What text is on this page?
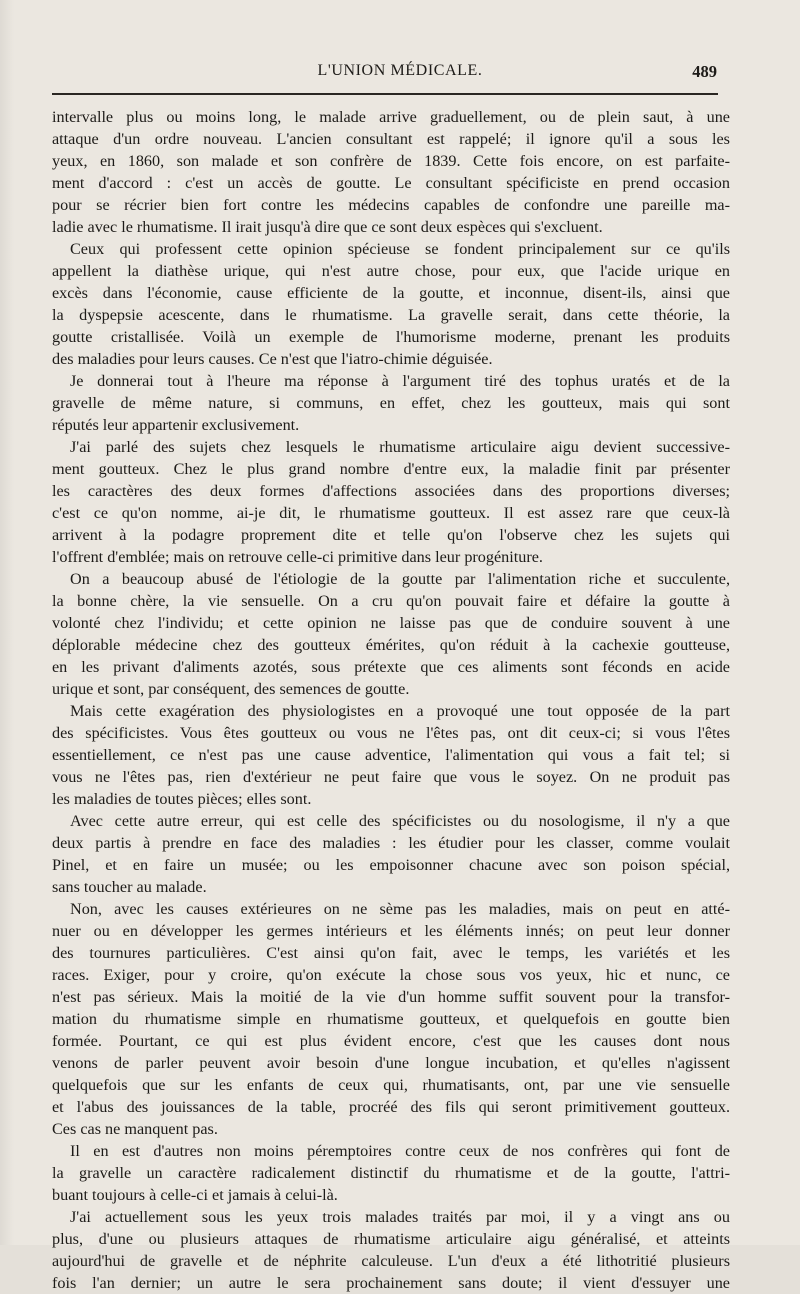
L'UNION MÉDICALE.	489
intervalle plus ou moins long, le malade arrive graduellement, ou de plein saut, à une
attaque d'un ordre nouveau. L'ancien consultant est rappelé; il ignore qu'il a sous les
yeux, en 1860, son malade et son confrère de 1839. Cette fois encore, on est parfaite-
ment d'accord : c'est un accès de goutte. Le consultant spécificiste en prend occasion
pour se récrier bien fort contre les médecins capables de confondre une pareille ma-
ladie avec le rhumatisme. Il irait jusqu'à dire que ce sont deux espèces qui s'excluent.
Ceux qui professent cette opinion spécieuse se fondent principalement sur ce qu'ils
appellent la diathèse urique, qui n'est autre chose, pour eux, que l'acide urique en
excès dans l'économie, cause efficiente de la goutte, et inconnue, disent-ils, ainsi que
la dyspepsie acescente, dans le rhumatisme. La gravelle serait, dans cette théorie, la
goutte cristallisée. Voilà un exemple de l'humorisme moderne, prenant les produits
des maladies pour leurs causes. Ce n'est que l'iatro-chimie déguisée.
Je donnerai tout à l'heure ma réponse à l'argument tiré des tophus uratés et de la
gravelle de même nature, si communs, en effet, chez les goutteux, mais qui sont
réputés leur appartenir exclusivement.
J'ai parlé des sujets chez lesquels le rhumatisme articulaire aigu devient successive-
ment goutteux. Chez le plus grand nombre d'entre eux, la maladie finit par présenter
les caractères des deux formes d'affections associées dans des proportions diverses;
c'est ce qu'on nomme, ai-je dit, le rhumatisme goutteux. Il est assez rare que ceux-là
arrivent à la podagre proprement dite et telle qu'on l'observe chez les sujets qui
l'offrent d'emblée; mais on retrouve celle-ci primitive dans leur progéniture.
On a beaucoup abusé de l'étiologie de la goutte par l'alimentation riche et succulente,
la bonne chère, la vie sensuelle. On a cru qu'on pouvait faire et défaire la goutte à
volonté chez l'individu; et cette opinion ne laisse pas que de conduire souvent à une
déplorable médecine chez des goutteux émérites, qu'on réduit à la cachexie goutteuse,
en les privant d'aliments azotés, sous prétexte que ces aliments sont féconds en acide
urique et sont, par conséquent, des semences de goutte.
Mais cette exagération des physiologistes en a provoqué une tout opposée de la part
des spécificistes. Vous êtes goutteux ou vous ne l'êtes pas, ont dit ceux-ci; si vous l'êtes
essentiellement, ce n'est pas une cause adventice, l'alimentation qui vous a fait tel; si
vous ne l'êtes pas, rien d'extérieur ne peut faire que vous le soyez. On ne produit pas
les maladies de toutes pièces; elles sont.
Avec cette autre erreur, qui est celle des spécificistes ou du nosologisme, il n'y a que
deux partis à prendre en face des maladies : les étudier pour les classer, comme voulait
Pinel, et en faire un musée; ou les empoisonner chacune avec son poison spécial,
sans toucher au malade.
Non, avec les causes extérieures on ne sème pas les maladies, mais on peut en atté-
nuer ou en développer les germes intérieurs et les éléments innés; on peut leur donner
des tournures particulières. C'est ainsi qu'on fait, avec le temps, les variétés et les
races. Exiger, pour y croire, qu'on exécute la chose sous vos yeux, hic et nunc, ce
n'est pas sérieux. Mais la moitié de la vie d'un homme suffit souvent pour la transfor-
mation du rhumatisme simple en rhumatisme goutteux, et quelquefois en goutte bien
formée. Pourtant, ce qui est plus évident encore, c'est que les causes dont nous
venons de parler peuvent avoir besoin d'une longue incubation, et qu'elles n'agissent
quelquefois que sur les enfants de ceux qui, rhumatisants, ont, par une vie sensuelle
et l'abus des jouissances de la table, procréé des fils qui seront primitivement goutteux.
Ces cas ne manquent pas.
Il en est d'autres non moins péremptoires contre ceux de nos confrères qui font de
la gravelle un caractère radicalement distinctif du rhumatisme et de la goutte, l'attri-
buant toujours à celle-ci et jamais à celui-là.
J'ai actuellement sous les yeux trois malades traités par moi, il y a vingt ans ou
plus, d'une ou plusieurs attaques de rhumatisme articulaire aigu généralisé, et atteints
aujourd'hui de gravelle et de néphrite calculeuse. L'un d'eux a été lithotritié plusieurs
fois l'an dernier; un autre le sera prochainement sans doute; il vient d'essuyer une
